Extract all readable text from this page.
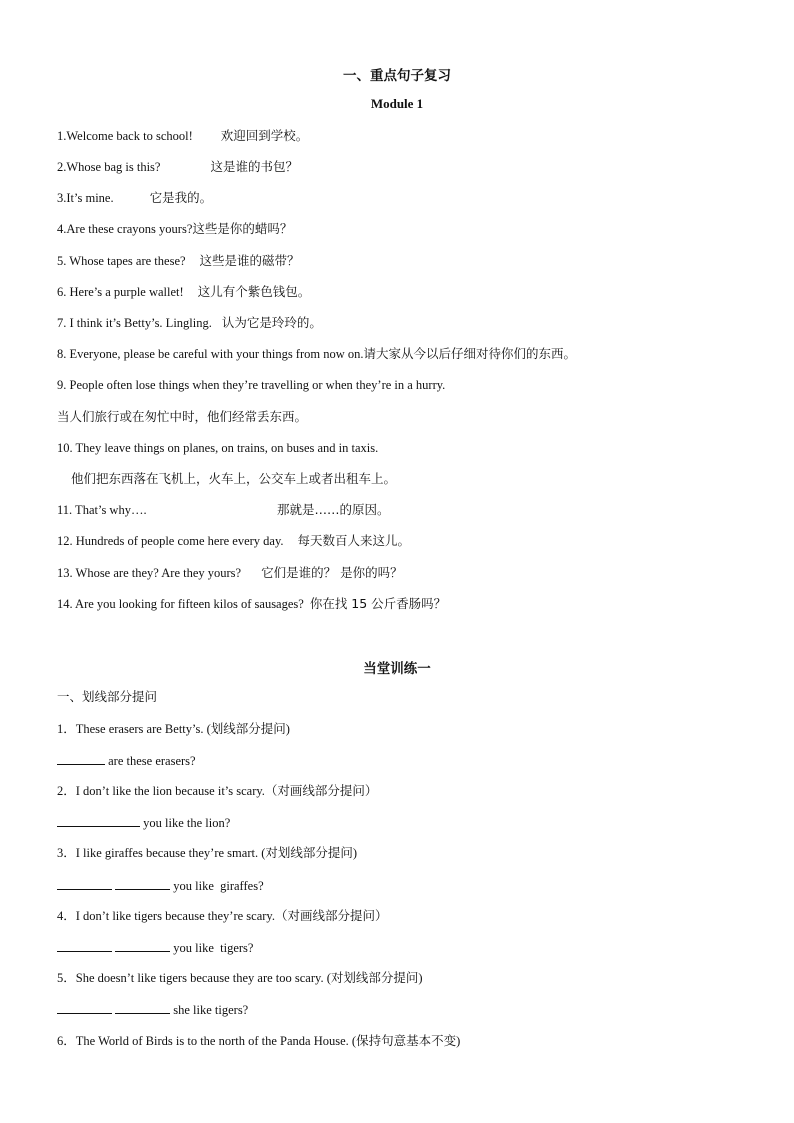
一、重点句子复习
Module 1
1.Welcome back to school! 欢迎回到学校。
2.Whose bag is this?	这是谁的书包？
3.It’s mine.	它是我的。
4.Are these crayons yours?这些是你的蜡吗？
5. Whose tapes are these? 这些是谁的磁带？
6. Here’s a purple wallet! 这儿有个紫色钱包。
7. I think it’s Betty’s. Lingling. 认为它是玲玲的。
8. Everyone, please be careful with your things from now on.请大家从今以后仔细对待你们的东西。
9. People often lose things when they’re travelling or when they’re in a hurry.
当人们旅行或在匆忙中时，他们经常丢东西。
10. They leave things on planes, on trains, on buses and in taxis.
他们把东西落在飞机上，火车上，公交车上或者出租车上。
11. That’s why….	那就是……的原因。
12. Hundreds of people come here every day. 每天数百人来这儿。
13. Whose are they? Are they yours? 它们是谁的？ 是你的吗？
14. Are you looking for fifteen kilos of sausages? 你在找 15 公斤香肠吗？
当堂训练一
一、划线部分提问
1．These erasers are Betty’s. (划线部分提问)
are these erasers?
2．I don’t like the lion because it’s scary.（对画线部分提问）
you like the lion?
3．I like giraffes because they’re smart. (对划线部分提问)
you like  giraffes?
4．I don’t like tigers because they’re scary.（对画线部分提问）
you like  tigers?
5．She doesn’t like tigers because they are too scary. (对划线部分提问)
she like tigers?
6．The World of Birds is to the north of the Panda House. (保持句意基本不变)
